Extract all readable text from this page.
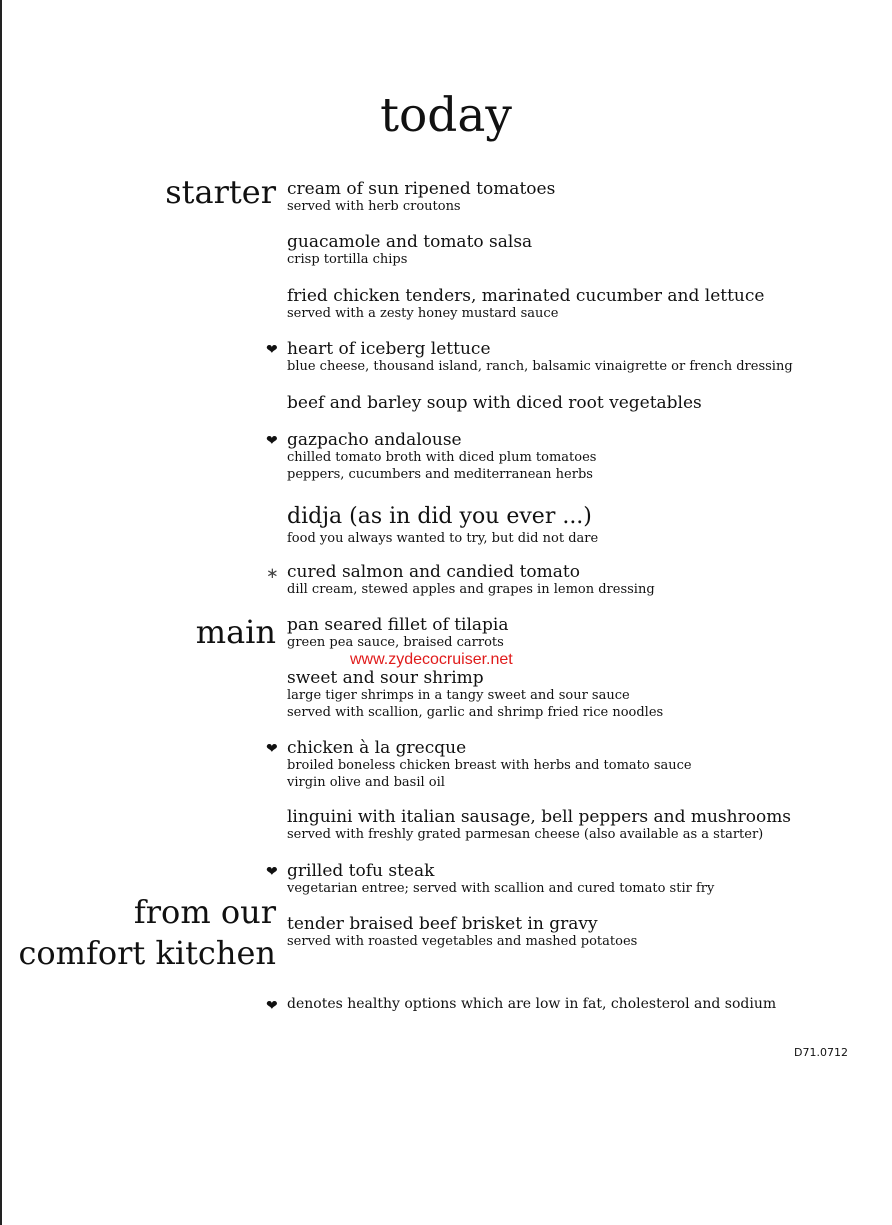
today
starter
main
from our
comfort kitchen
cream of sun ripened tomatoes
served with herb croutons
guacamole and tomato salsa
crisp tortilla chips
fried chicken tenders, marinated cucumber and lettuce
served with a zesty honey mustard sauce
❤ heart of iceberg lettuce
blue cheese, thousand island, ranch, balsamic vinaigrette or french dressing
beef and barley soup with diced root vegetables
❤ gazpacho andalouse
chilled tomato broth with diced plum tomatoes
peppers, cucumbers and mediterranean herbs
didja (as in did you ever ...)
food you always wanted to try, but did not dare
∗ cured salmon and candied tomato
dill cream, stewed apples and grapes in lemon dressing
pan seared fillet of tilapia
green pea sauce, braised carrots
www.zydecocruiser.net
sweet and sour shrimp
large tiger shrimps in a tangy sweet and sour sauce
served with scallion, garlic and shrimp fried rice noodles
❤ chicken à la grecque
broiled boneless chicken breast with herbs and tomato sauce
virgin olive and basil oil
linguini with italian sausage, bell peppers and mushrooms
served with freshly grated parmesan cheese (also available as a starter)
❤ grilled tofu steak
vegetarian entree; served with scallion and cured tomato stir fry
tender braised beef brisket in gravy
served with roasted vegetables and mashed potatoes
❤ denotes healthy options which are low in fat, cholesterol and sodium
D71.0712
